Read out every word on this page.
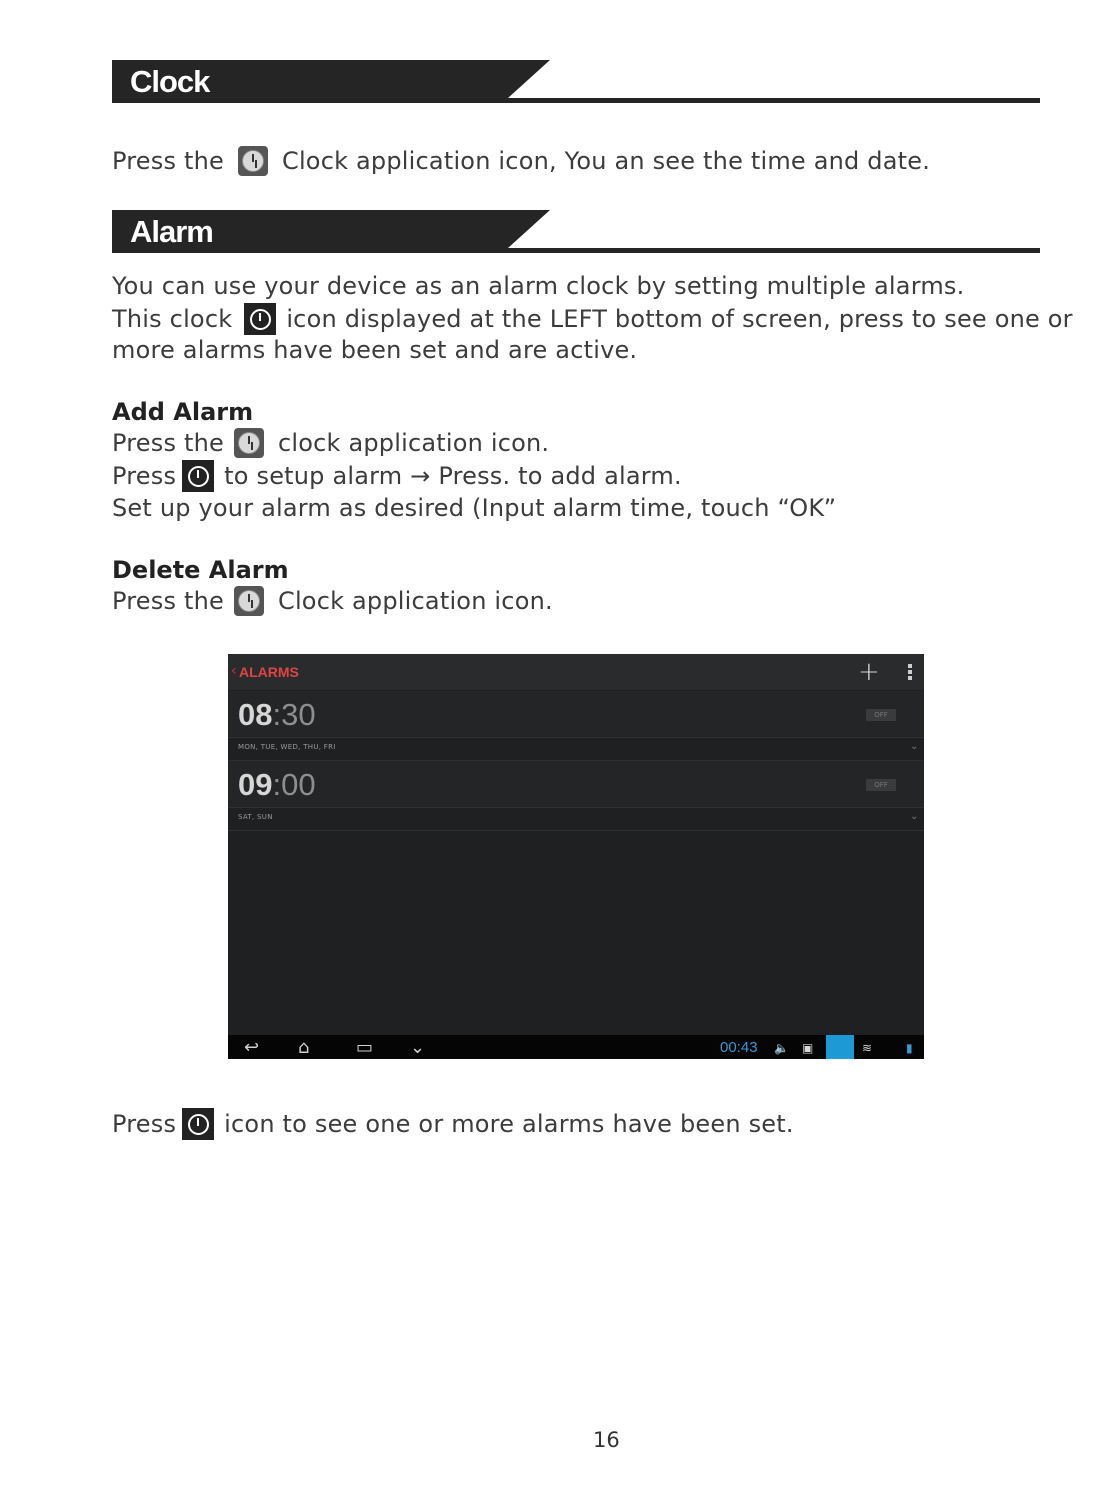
Clock
Press the Clock application icon, You an see the time and date.
Alarm
You can use your device as an alarm clock by setting multiple alarms.
This clock icon displayed at the LEFT bottom of screen, press to see one or
more alarms have been set and are active.
Add Alarm
Press the clock application icon.
Press to setup alarm → Press. to add alarm.
Set up your alarm as desired (Input alarm time, touch “OK”
Delete Alarm
Press the Clock application icon.
‹ ALARMS	+
08:30	OFF
MON, TUE, WED, THU, FRI	⌄
09:00	OFF
SAT, SUN	⌄
↩ ⌂	▭ ⌄	00:43 🔈 ▣	≋	▮
Press icon to see one or more alarms have been set.
16
